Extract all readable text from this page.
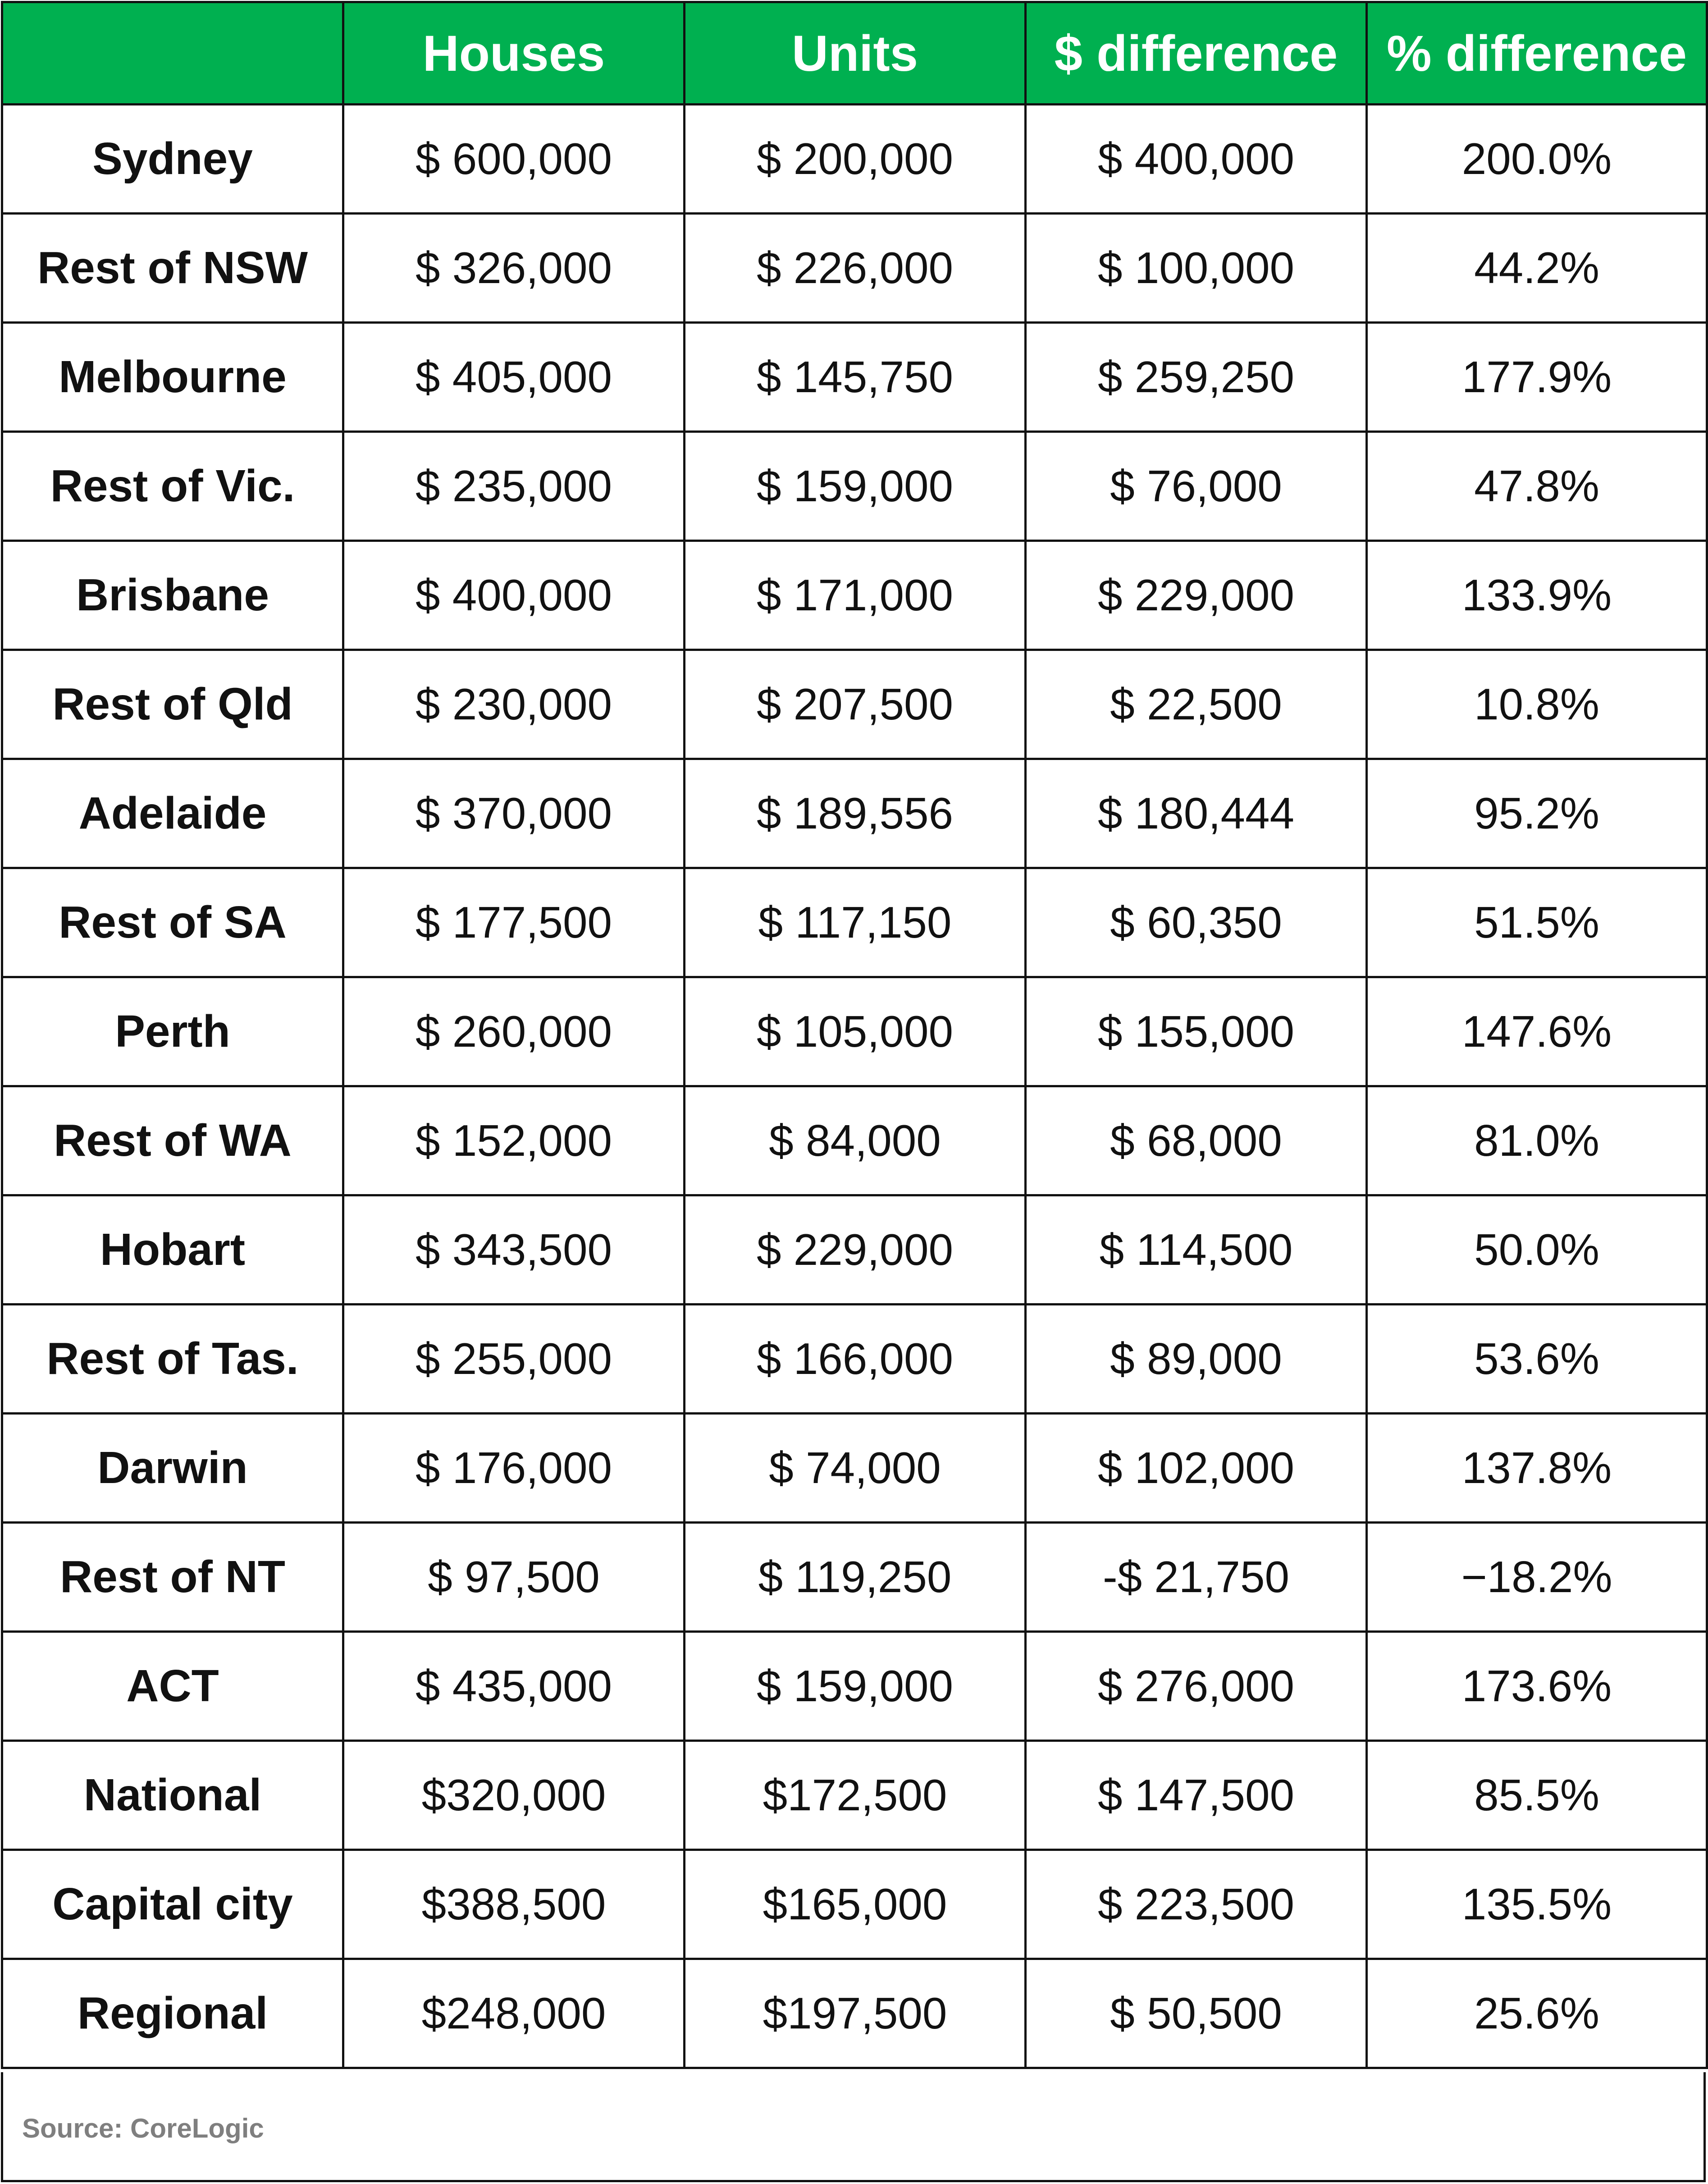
	Houses	Units	$ difference	% difference
Sydney	$ 600,000	$ 200,000	$ 400,000	200.0%
Rest of NSW	$ 326,000	$ 226,000	$ 100,000	44.2%
Melbourne	$ 405,000	$ 145,750	$ 259,250	177.9%
Rest of Vic.	$ 235,000	$ 159,000	$ 76,000	47.8%
Brisbane	$ 400,000	$ 171,000	$ 229,000	133.9%
Rest of Qld	$ 230,000	$ 207,500	$ 22,500	10.8%
Adelaide	$ 370,000	$ 189,556	$ 180,444	95.2%
Rest of SA	$ 177,500	$ 117,150	$ 60,350	51.5%
Perth	$ 260,000	$ 105,000	$ 155,000	147.6%
Rest of WA	$ 152,000	$ 84,000	$ 68,000	81.0%
Hobart	$ 343,500	$ 229,000	$ 114,500	50.0%
Rest of Tas.	$ 255,000	$ 166,000	$ 89,000	53.6%
Darwin	$ 176,000	$ 74,000	$ 102,000	137.8%
Rest of NT	$ 97,500	$ 119,250	-$ 21,750	−18.2%
ACT	$ 435,000	$ 159,000	$ 276,000	173.6%
National	$320,000	$172,500	$ 147,500	85.5%
Capital city	$388,500	$165,000	$ 223,500	135.5%
Regional	$248,000	$197,500	$ 50,500	25.6%
Source: CoreLogic
